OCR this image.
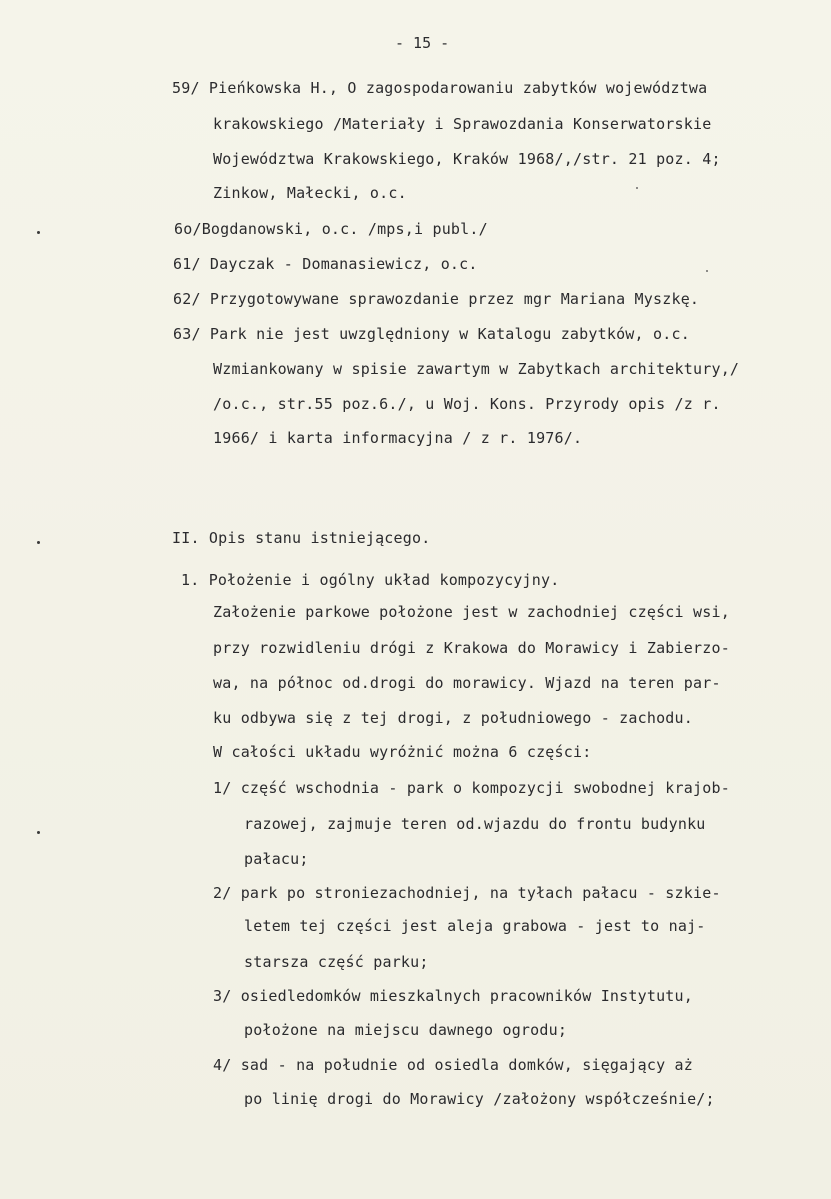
- 15 -
59/ Pieńkowska H., O zagospodarowaniu zabytków województwa
krakowskiego /Materiały i Sprawozdania Konserwatorskie
Województwa Krakowskiego, Kraków 1968/,/str. 21 poz. 4;
Zinkow, Małecki, o.c.
6o/Bogdanowski, o.c. /mps,i publ./
61/ Dayczak - Domanasiewicz, o.c.
62/ Przygotowywane sprawozdanie przez mgr Mariana Myszkę.
63/ Park nie jest uwzględniony w Katalogu zabytków, o.c.
Wzmiankowany w spisie zawartym w Zabytkach architektury,/
/o.c., str.55 poz.6./, u Woj. Kons. Przyrody opis /z r.
1966/ i karta informacyjna / z r. 1976/.
II. Opis stanu istniejącego.
1. Położenie i ogólny układ kompozycyjny.
Założenie parkowe położone jest w zachodniej części wsi,
przy rozwidleniu drógi z Krakowa do Morawicy i Zabierzo-
wa, na północ od.drogi do morawicy. Wjazd na teren par-
ku odbywa się z tej drogi, z południowego - zachodu.
W całości układu wyróżnić można 6 części:
1/ część wschodnia - park o kompozycji swobodnej krajob-
razowej, zajmuje teren od.wjazdu do frontu budynku
pałacu;
2/ park po stroniezachodniej, na tyłach pałacu - szkie-
letem tej części jest aleja grabowa - jest to naj-
starsza część parku;
3/ osiedledomków mieszkalnych pracowników Instytutu,
położone na miejscu dawnego ogrodu;
4/ sad - na południe od osiedla domków, sięgający aż
po linię drogi do Morawicy /założony współcześnie/;
